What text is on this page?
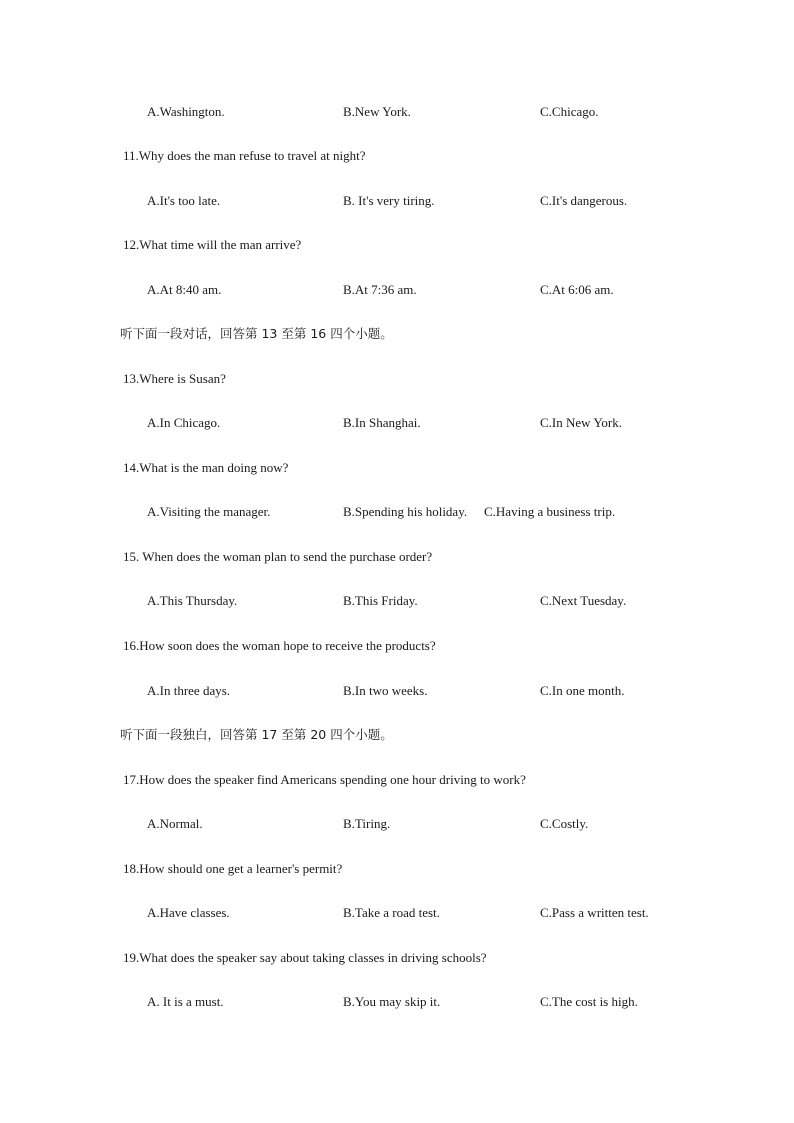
A.Washington.	B.New York.	C.Chicago.
11.Why does the man refuse to travel at night?
A.It's too late.	B. It's very tiring.	C.It's dangerous.
12.What time will the man arrive?
A.At 8:40 am.	B.At 7:36 am.	C.At 6:06 am.
听下面一段对话，回答第 13 至第 16 四个小题。
13.Where is Susan?
A.In Chicago.	B.In Shanghai.	C.In New York.
14.What is the man doing now?
A.Visiting the manager.	B.Spending his holiday. C.Having a business trip.
15. When does the woman plan to send the purchase order?
A.This Thursday.	B.This Friday.	C.Next Tuesday.
16.How soon does the woman hope to receive the products?
A.In three days.	B.In two weeks.	C.In one month.
听下面一段独白，回答第 17 至第 20 四个小题。
17.How does the speaker find Americans spending one hour driving to work?
A.Normal.	B.Tiring.	C.Costly.
18.How should one get a learner's permit?
A.Have classes.	B.Take a road test.	C.Pass a written test.
19.What does the speaker say about taking classes in driving schools?
A. It is a must.	B.You may skip it.	C.The cost is high.
